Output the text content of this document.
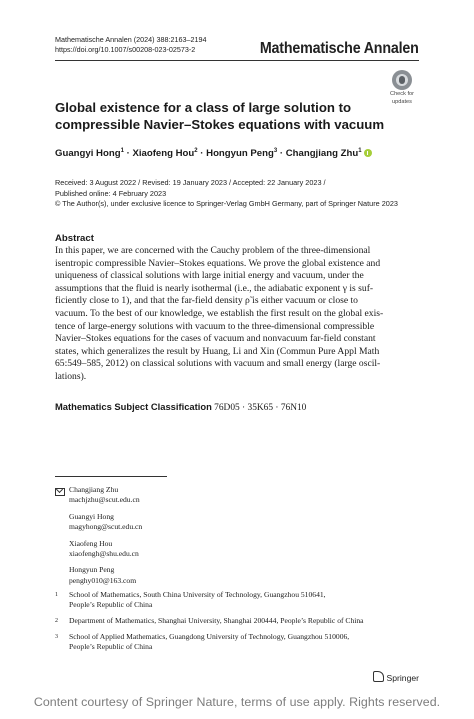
Mathematische Annalen (2024) 388:2163–2194
https://doi.org/10.1007/s00208-023-02573-2	Mathematische Annalen
Check for
updates
Global existence for a class of large solution to
compressible Navier–Stokes equations with vacuum
Guangyi Hong$^1$ · Xiaofeng Hou$^2$ · Hongyun Peng$^3$ · Changjiang Zhu$^1$
Received: 3 August 2022 / Revised: 19 January 2023 / Accepted: 22 January 2023 /
Published online: 4 February 2023
© The Author(s), under exclusive licence to Springer-Verlag GmbH Germany, part of Springer Nature 2023
Abstract
In this paper, we are concerned with the Cauchy problem of the three-dimensional
isentropic compressible Navier–Stokes equations. We prove the global existence and
uniqueness of classical solutions with large initial energy and vacuum, under the
assumptions that the fluid is nearly isothermal (i.e., the adiabatic exponent γ is suf-
ficiently close to 1), and that the far-field density ρ̃ is either vacuum or close to
vacuum. To the best of our knowledge, we establish the first result on the global exis-
tence of large-energy solutions with vacuum to the three-dimensional compressible
Navier–Stokes equations for the cases of vacuum and nonvacuum far-field constant
states, which generalizes the result by Huang, Li and Xin (Commun Pure Appl Math
65:549–585, 2012) on classical solutions with vacuum and small energy (large oscil-
lations).
Mathematics Subject Classification 76D05 · 35K65 · 76N10
Changjiang Zhu
machjzhu@scut.edu.cn
Guangyi Hong
magyhong@scut.edu.cn
Xiaofeng Hou
xiaofengh@shu.edu.cn
Hongyun Peng
penghy010@163.com
1 School of Mathematics, South China University of Technology, Guangzhou 510641,
People’s Republic of China
2 Department of Mathematics, Shanghai University, Shanghai 200444, People’s Republic of China
3 School of Applied Mathematics, Guangdong University of Technology, Guangzhou 510006,
People’s Republic of China
Springer
Content courtesy of Springer Nature, terms of use apply. Rights reserved.
